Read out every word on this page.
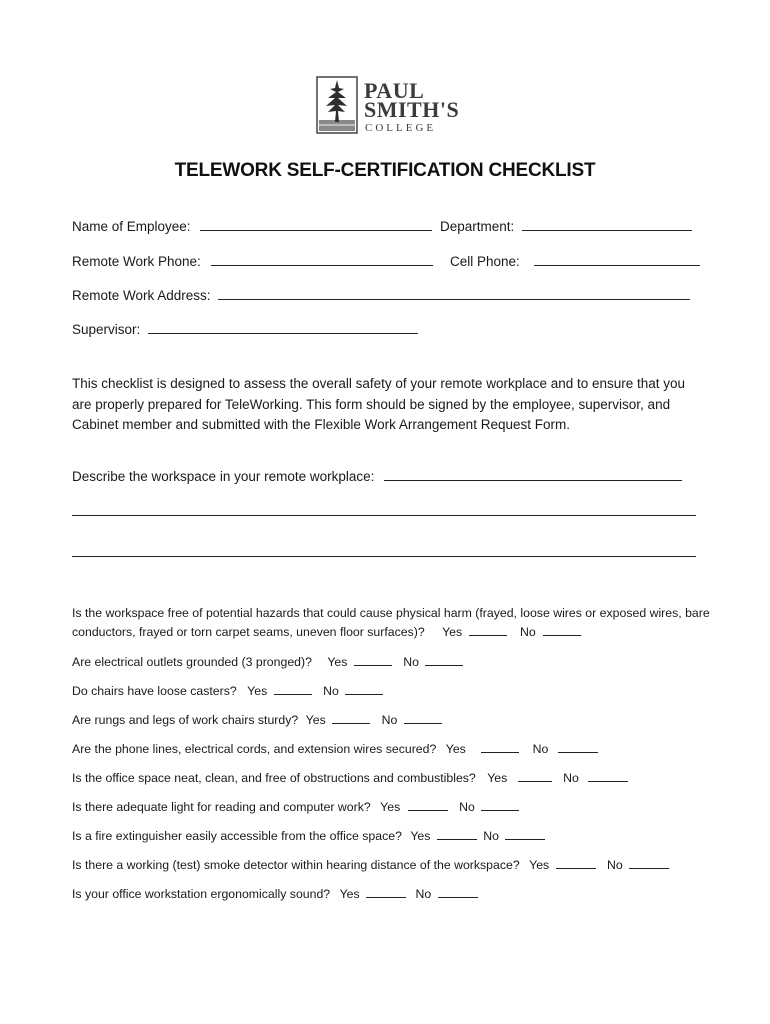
PAUL
SMITH'S
COLLEGE
TELEWORK SELF-CERTIFICATION CHECKLIST
Name of Employee:	Department:
Remote Work Phone:	Cell Phone:
Remote Work Address:
Supervisor:
This checklist is designed to assess the overall safety of your remote workplace and to ensure that you are properly prepared for TeleWorking. This form should be signed by the employee, supervisor, and Cabinet member and submitted with the Flexible Work Arrangement Request Form.
Describe the workspace in your remote workplace:
Is the workspace free of potential hazards that could cause physical harm (frayed, loose wires or exposed wires, bare conductors, frayed or torn carpet seams, uneven floor surfaces)? Yes	No
Are electrical outlets grounded (3 pronged)? Yes	No
Do chairs have loose casters? Yes	No
Are rungs and legs of work chairs sturdy? Yes	No
Are the phone lines, electrical cords, and extension wires secured? Yes	No
Is the office space neat, clean, and free of obstructions and combustibles? Yes	No
Is there adequate light for reading and computer work? Yes	No
Is a fire extinguisher easily accessible from the office space? Yes	No
Is there a working (test) smoke detector within hearing distance of the workspace? Yes	No
Is your office workstation ergonomically sound? Yes	No
